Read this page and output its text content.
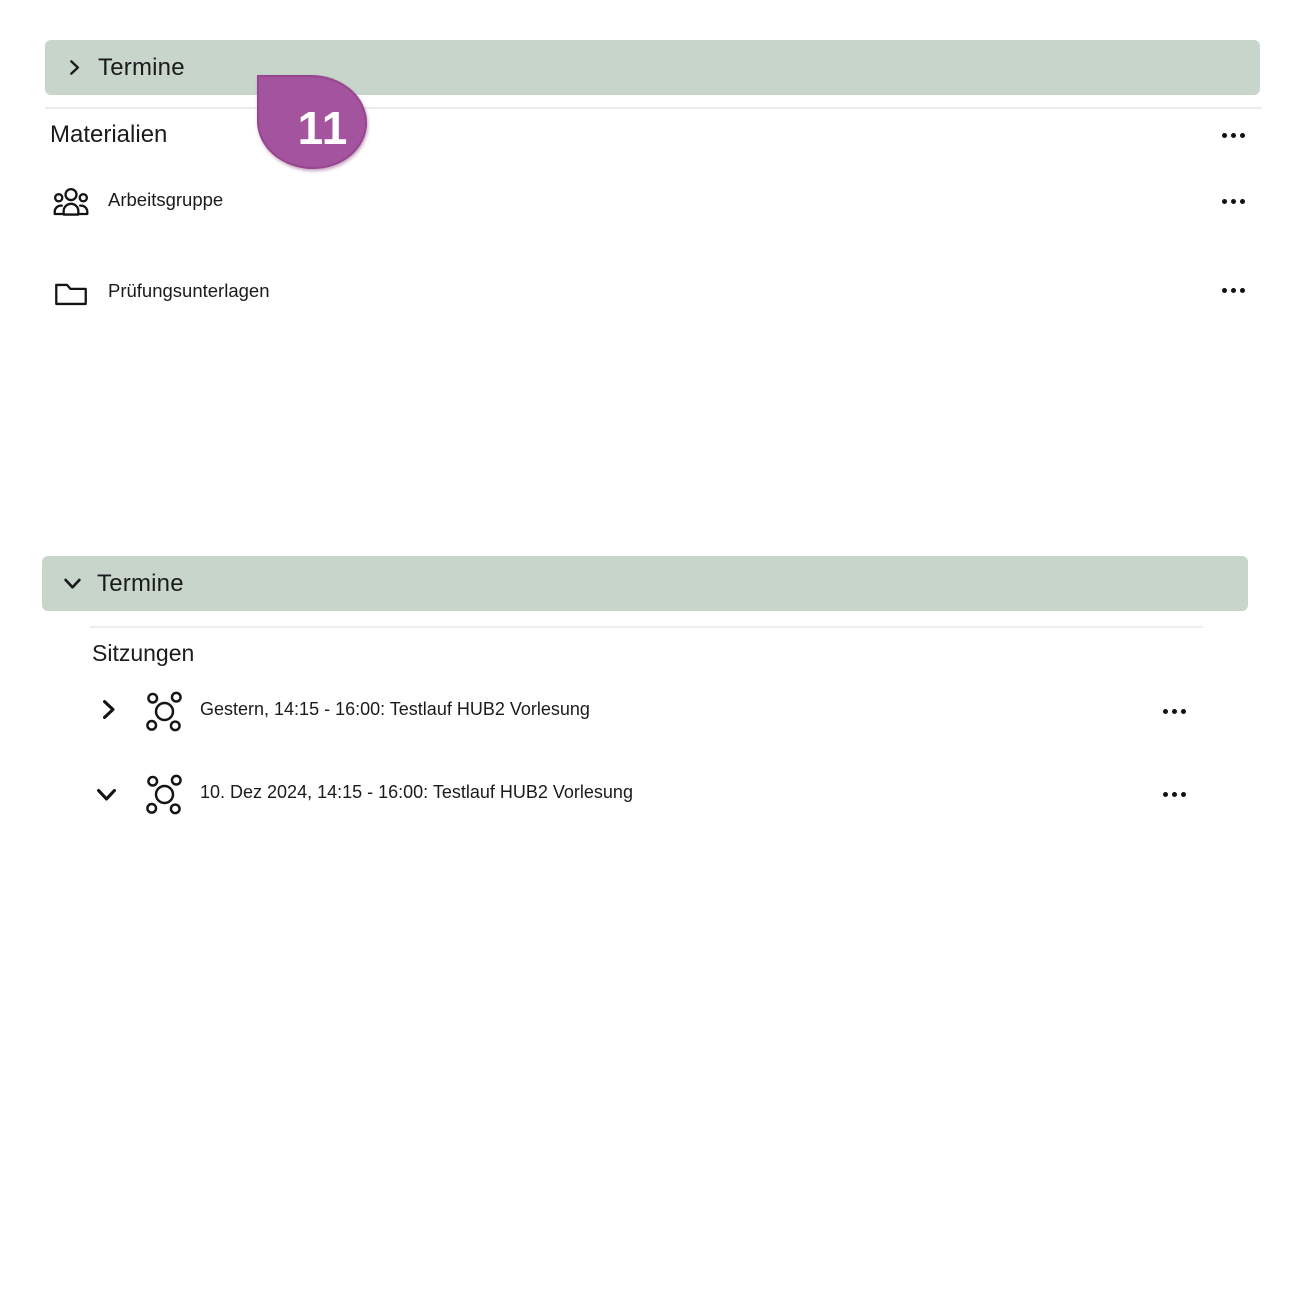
Termine
11
Materialien
Arbeitsgruppe
Prüfungsunterlagen
Termine
Sitzungen
Gestern, 14:15 - 16:00: Testlauf HUB2 Vorlesung
10. Dez 2024, 14:15 - 16:00: Testlauf HUB2 Vorlesung
